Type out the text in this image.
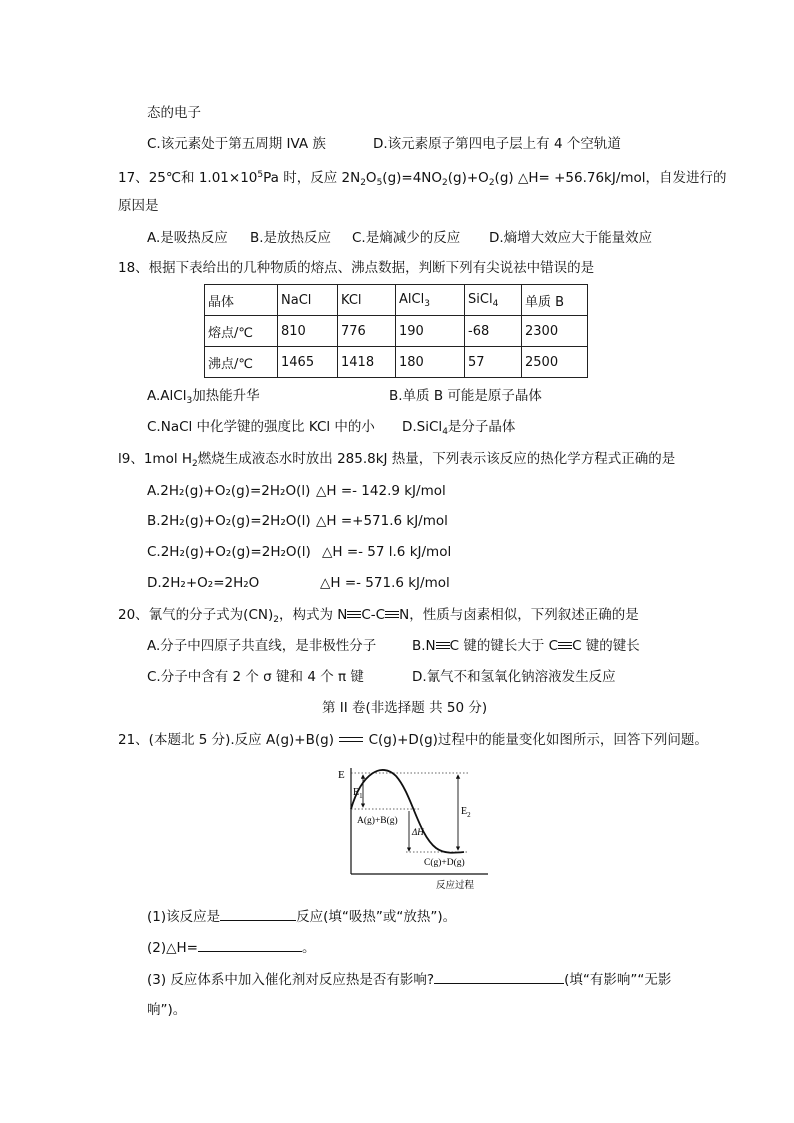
态的电子
C.该元素处于第五周期 IVA 族	D.该元素原子第四电子层上有 4 个空轨道
17、25℃和 $1.01\times 10^5Pa$ 时，反应 $2N_2O_5(g)=4NO_2(g)+O_2(g)$ △H= +56.76kJ/mol，自发进行的
原因是
A.是吸热反应 B.是放热反应 C.是熵减少的反应 D.熵增大效应大于能量效应
18、根据下表给出的几种物质的熔点、沸点数据，判断下列有尖说祛中错误的是
晶体	NaCl	KCl	AlCl$_3$	SiCl$_4$	单质 B
熔点/℃	810	776	190	-68	2300
沸点/℃	1465	1418	180	57	2500
A.AlCl$_3$加热能升华	B.单质 B 可能是原子晶体
C.NaCl 中化学键的强度比 KCl 中的小 D.SiCl$_4$是分子晶体
l9、1mol $H_2$燃烧生成液态水时放出 285.8kJ 热量，下列表示该反应的热化学方程式正确的是
A.2H₂(g)+O₂(g)=2H₂O(l) △H =- 142.9 kJ/mol
B.2H₂(g)+O₂(g)=2H₂O(l) △H =+571.6 kJ/mol
C.2H₂(g)+O₂(g)=2H₂O(l) △H =- 57 l.6 kJ/mol
D.2H₂+O₂=2H₂O	△H =- 571.6 kJ/mol
20、氰气的分子式为$(CN)_2$，构式为 N C-C N，性质与卤素相似，下列叙述正确的是
A.分子中四原子共直线，是非极性分子	B.N C 键的键长大于 C C 键的键长
C.分子中含有 2 个 σ 键和 4 个 π 键	D.氰气不和氢氧化钠溶液发生反应
第 II 卷(非选择题 共 50 分)
21、(本题北 5 分).反应 A(g)+B(g)	C(g)+D(g)过程中的能量变化如图所示，回答下列问题。
E
$E_1$
$E_2$
A(g)+B(g)
ΔH
C(g)+D(g)
反应过程
(1)该反应是	反应(填“吸热”或“放热”)。
(2)△H=	。
(3) 反应体系中加入催化剂对反应热是否有影响?	(填“有影响”“无影
响”)。
